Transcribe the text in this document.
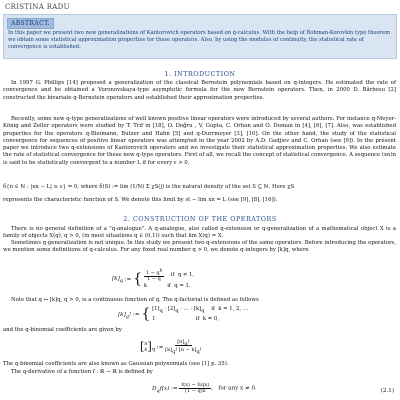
CRISTINA RADU
ABSTRACT.
In this paper we present two new generalizations of Kantorovich operators based on q-calculus. With the help of Bohman-Korovkin type theorem we obtain some statistical approximation properties for these operators. Also, by using the modulus of continuity, the statistical rate of convergence is established.
1. INTRODUCTION
In 1997 G. Phillips [14] proposed a generalization of the classical Bernstein polynomials based on q-integers. He estimated the rate of convergence and he obtained a Voronovskaya-type asymptotic formula for the new Bernstein operators. Then, in 2000 D. Bărbosu [2] constructed the bivariate q-Bernstein operators and established their approximation properties.
Recently, some new q-type generalizations of well known positive linear operators were introduced by several authors. For instance q-Meyer-König and Zeller operators were studied by T. Trif in [18], O. Doğru , V. Gupta, C. Orhan and O. Duman in [4], [6], [7]. Also, was established properties for the operators q-Bleimann, Butzer and Hahn [5] and q-Durrmeyer [3], [10]. On the other hand, the study of the statistical convergence for sequences of positive linear operators was attempted in the year 2002 by A.D. Gadjiev and C. Orhan (see [9]). In the present paper we introduce two q-extensions of Kantorovich operators and we investigate their statistical approximation properties. We also estimate the rate of statistical convergence for these new q-type operators. First of all, we recall the concept of statistical convergence. A sequence (xn)n is said to be statistically convergent to a number L if for every ε > 0,
δ{n ∈ ℕ : |xn − L| ≥ ε} = 0, where δ(S) := lim (1/N) Σ χS(j) is the natural density of the set S ⊆ ℕ. Here χS
represents the characteristic function of S. We denote this limit by st − lim xn = L (see [9], [8], [16]).
2. CONSTRUCTION OF THE OPERATORS
There is no general definition of a "q-analogue". A q-analogue, also called q-extension or q-generalization of a mathematical object X is a family of objects X(q), q > 0, (in most situations q ∈ (0,1)) such that lim X(q) = X.
Sometimes q-generalization is not unique. In this study we present two q-extensions of the same operators. Before introducing the operators, we mention some definitions of q-calculus. For any fixed real number q > 0, we denote q-integers by [k]q, where
$[k]_q$ := { $1 - q^k$
1 − q    if  q ≠ 1,
k            if  q = 1.
Note that q ↦ [k]q, q > 0, is a continuous function of q. The q-factorial is defined as follows
$[k]_q$! := { $[1]_q \cdot [2]_q$ · … · $[k]_q$    if  k = 1, 2, …
1                        if  k = 0,
and the q-binomial coefficients are given by
[n
$k]_q$ := $[n]_q$!
$[k]_q$! $[n - k]_q$!
The q-binomial coefficients are also known as Gaussian polynomials (see [1] p. 35).
The q-derivative of a function f : ℝ → ℝ is defined by
$D_qf(x)$ := f(x) − f(qx)
(1 − q)x ,   for any x ≠ 0.	(2.1)
